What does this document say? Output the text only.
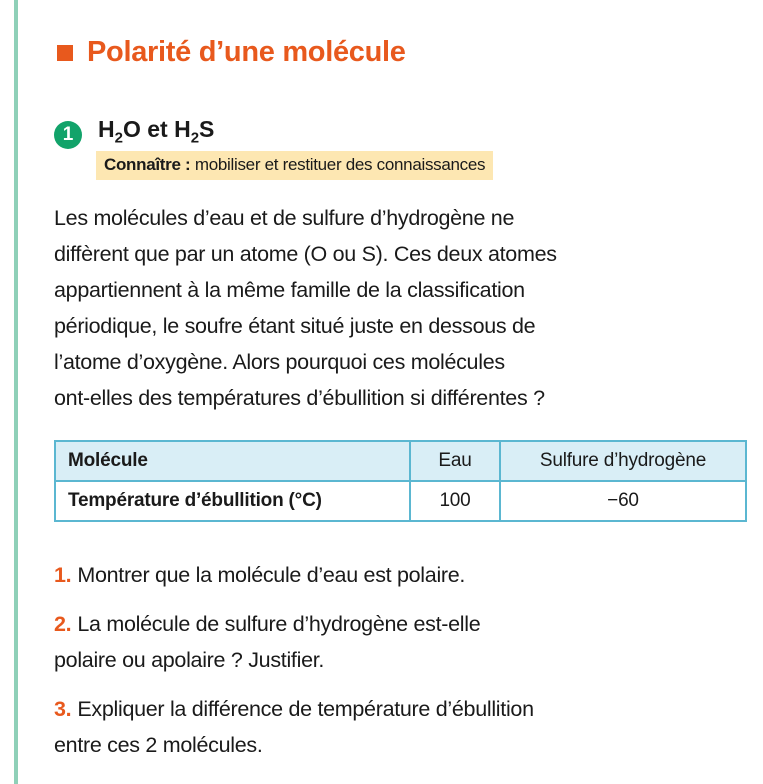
Polarité d’une molécule
1	$H_2O$ et $H_2S$
Connaître : mobiliser et restituer des connaissances

Les molécules d’eau et de sulfure d’hydrogène ne
diffèrent que par un atome (O ou S). Ces deux atomes
appartiennent à la même famille de la classification
périodique, le soufre étant situé juste en dessous de
l’atome d’oxygène. Alors pourquoi ces molécules
ont-elles des températures d’ébullition si différentes ?

Molécule	Eau	Sulfure d’hydrogène
Température d’ébullition (°C)	100	−60
1. Montrer que la molécule d’eau est polaire.
2. La molécule de sulfure d’hydrogène est-elle
polaire ou apolaire ? Justifier.
3. Expliquer la différence de température d’ébullition
entre ces 2 molécules.
